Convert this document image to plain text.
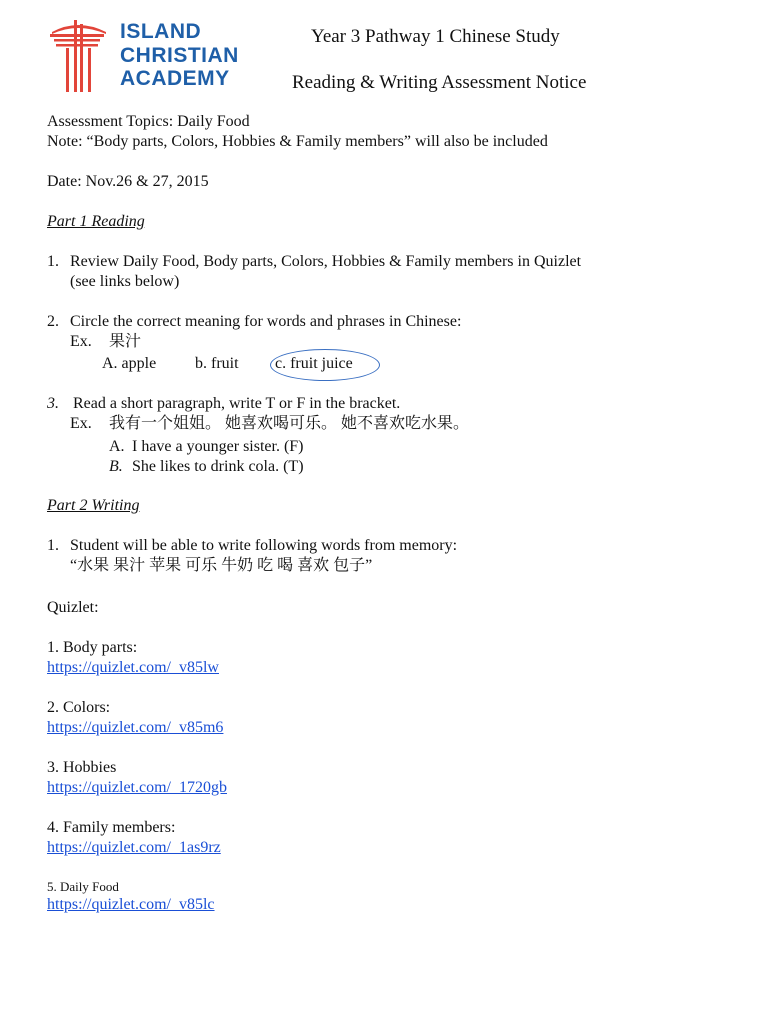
ISLAND
CHRISTIAN
ACADEMY
Year 3 Pathway 1 Chinese Study
Reading & Writing Assessment Notice
Assessment Topics: Daily Food
Note: “Body parts, Colors, Hobbies & Family members” will also be included
Date: Nov.26 & 27, 2015
Part 1 Reading
1. Review Daily Food, Body parts, Colors, Hobbies & Family members in Quizlet
(see links below)
2. Circle the correct meaning for words and phrases in Chinese:
Ex. 果汁
A. apple b. fruit c. fruit juice
3. Read a short paragraph, write T or F in the bracket.
Ex. 我有一个姐姐。 她喜欢喝可乐。 她不喜欢吃水果。
A. I have a younger sister. (F)
B. She likes to drink cola. (T)
Part 2 Writing
1. Student will be able to write following words from memory:
“水果 果汁 苹果 可乐 牛奶 吃 喝 喜欢 包子”
Quizlet:
1. Body parts:
https://quizlet.com/_v85lw
2. Colors:
https://quizlet.com/_v85m6
3. Hobbies
https://quizlet.com/_1720gb
4. Family members:
https://quizlet.com/_1as9rz
5. Daily Food
https://quizlet.com/_v85lc
